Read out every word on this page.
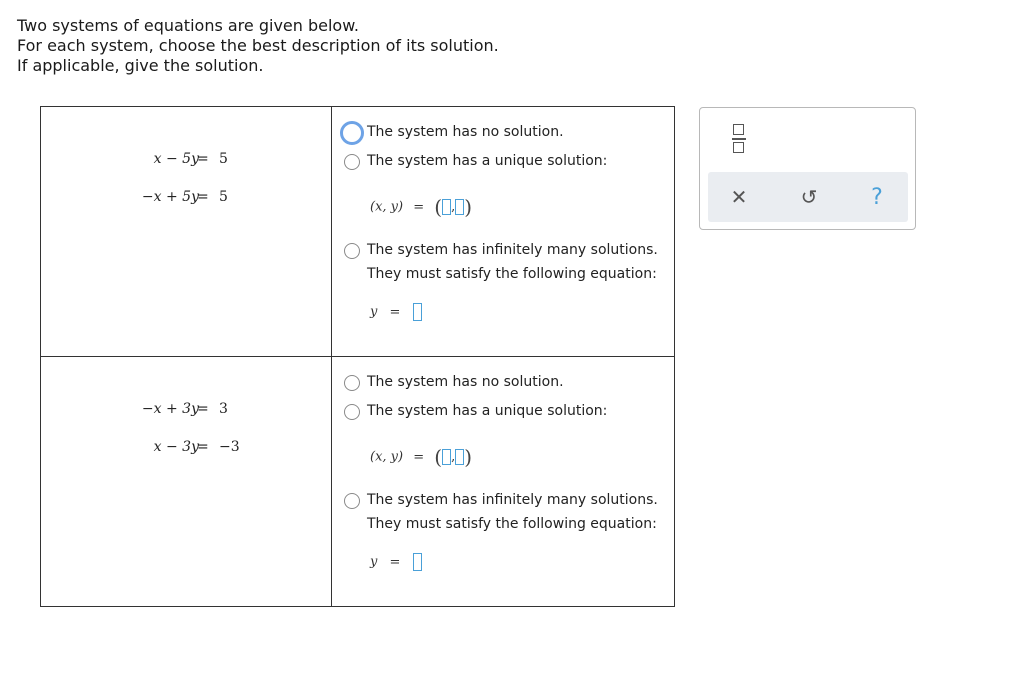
Two systems of equations are given below.
For each system, choose the best description of its solution.
If applicable, give the solution.
x − 5y
= 5
−x + 5y
= 5
The system has no solution.
The system has a unique solution:
(x, y) = ( , )
The system has infinitely many solutions.
They must satisfy the following equation:
y =
−x + 3y
= 3
x − 3y
= −3
The system has no solution.
The system has a unique solution:
(x, y) = ( , )
The system has infinitely many solutions.
They must satisfy the following equation:
y =
✕	↺	?
